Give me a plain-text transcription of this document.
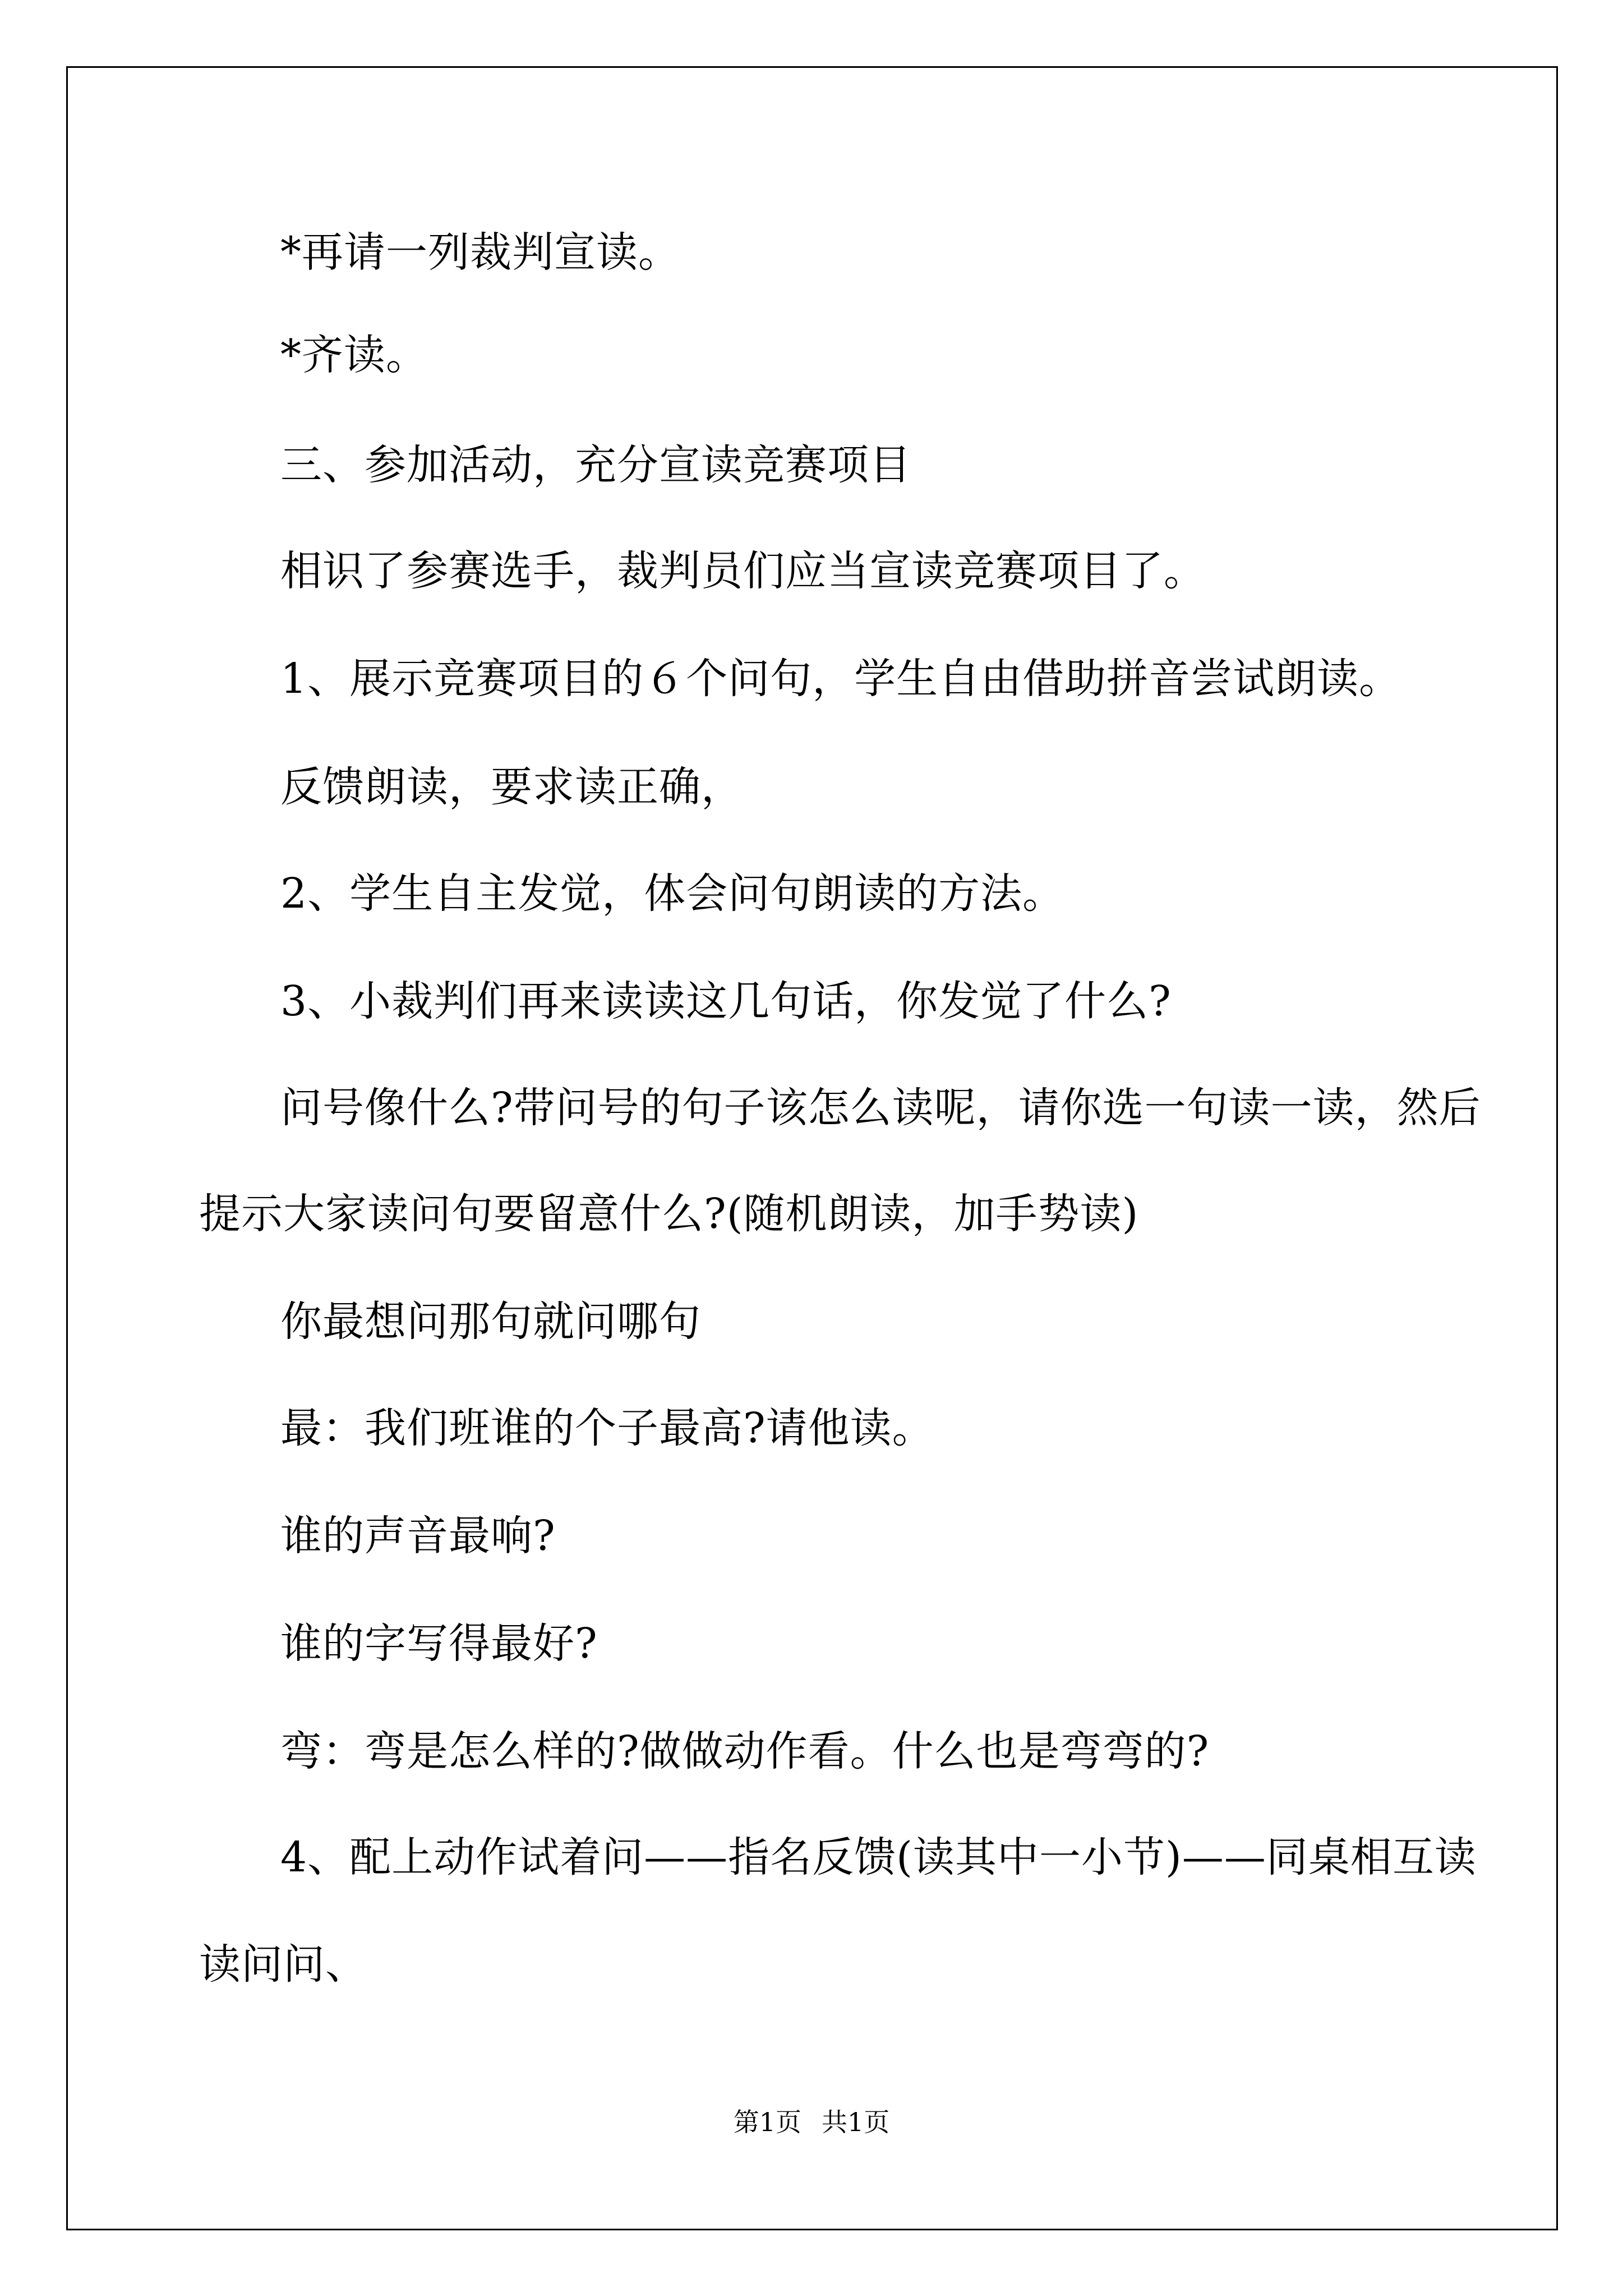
*再请一列裁判宣读。
*齐读。
三、参加活动，充分宣读竞赛项目
相识了参赛选手，裁判员们应当宣读竞赛项目了。
1、展示竞赛项目的６个问句，学生自由借助拼音尝试朗读。
反馈朗读，要求读正确，
2、学生自主发觉，体会问句朗读的方法。
3、小裁判们再来读读这几句话，你发觉了什么?
问号像什么?带问号的句子该怎么读呢，请你选一句读一读，然后
提示大家读问句要留意什么?(随机朗读，加手势读)
你最想问那句就问哪句
最：我们班谁的个子最高?请他读。
谁的声音最响?
谁的字写得最好?
弯：弯是怎么样的?做做动作看。什么也是弯弯的?
4、配上动作试着问——指名反馈(读其中一小节)——同桌相互读
读问问、
第1页 共1页
